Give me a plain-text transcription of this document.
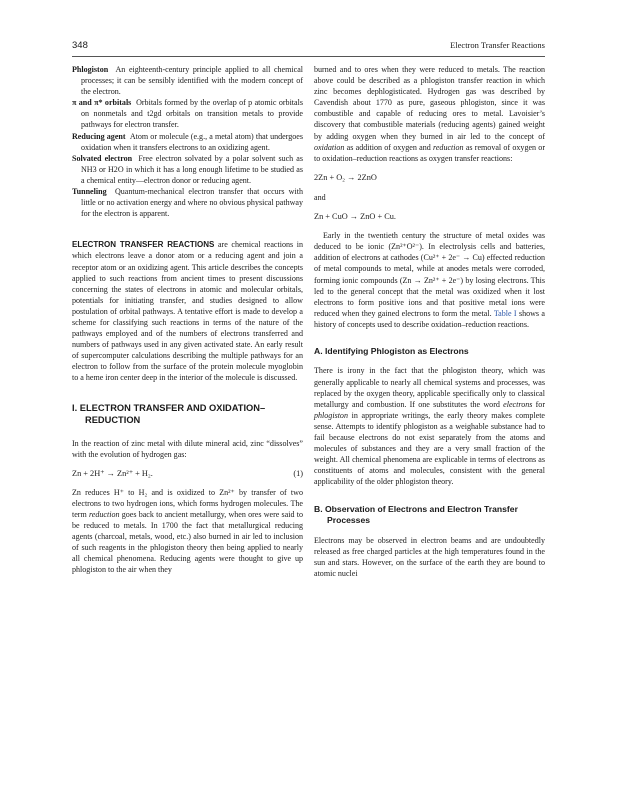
348	Electron Transfer Reactions

Phlogiston An eighteenth-century principle applied to all chemical processes; it can be sensibly identified with the modern concept of the electron.

π and π* orbitals Orbitals formed by the overlap of p atomic orbitals on nonmetals and t2gd orbitals on transition metals to provide pathways for electron transfer.

Reducing agent Atom or molecule (e.g., a metal atom) that undergoes oxidation when it transfers electrons to an oxidizing agent.

Solvated electron Free electron solvated by a polar solvent such as NH3 or H2O in which it has a long enough lifetime to be studied as a chemical entity—electron donor or reducing agent.

Tunneling Quantum-mechanical electron transfer that occurs with little or no activation energy and where no obvious physical pathway for the electron is apparent.

ELECTRON TRANSFER REACTIONS are chemical reactions in which electrons leave a donor atom or a reducing agent and join a receptor atom or an oxidizing agent. This article describes the concepts applied to such reactions from ancient times to present discussions concerning the states of electrons in atomic and molecular orbitals, potentials for initiating transfer, and studies designed to allow postulation of orbital pathways. A tentative effort is made to develop a scheme for classifying such reactions in terms of the nature of the pathways employed and of the numbers of electrons transferred and numbers of pathways used in any given activated state. An early result of supercomputer calculations describing the multiple pathways for an electron to follow from the surface of the protein molecule myoglobin to a heme iron center deep in the interior of the molecule is discussed.

I. ELECTRON TRANSFER AND OXIDATION–REDUCTION

In the reaction of zinc metal with dilute mineral acid, zinc “dissolves” with the evolution of hydrogen gas:

Zn + 2H⁺ → Zn²⁺ + H₂.	(1)

Zn reduces H⁺ to H₂ and is oxidized to Zn²⁺ by transfer of two electrons to two hydrogen ions, which forms hydrogen molecules. The term reduction goes back to ancient metallurgy, when ores were said to be reduced to metals. In 1700 the fact that metallurgical reducing agents (charcoal, metals, wood, etc.) also burned in air led to inclusion of such reagents in the phlogiston theory then being applied to nearly all chemical phenomena. Reducing agents were thought to give up phlogiston to the air when they

burned and to ores when they were reduced to metals. The reaction above could be described as a phlogiston transfer reaction in which zinc becomes dephlogisticated. Hydrogen gas was described by Cavendish about 1770 as pure, gaseous phlogiston, since it was combustible and capable of reducing ores to metal. Lavoisier’s discovery that combustible materials (reducing agents) gained weight by adding oxygen when they burned in air led to the concept of oxidation as addition of oxygen and reduction as removal of oxygen or to oxidation–reduction reactions as oxygen transfer reactions:

2Zn + O₂ → 2ZnO

and

Zn + CuO → ZnO + Cu.

Early in the twentieth century the structure of metal oxides was deduced to be ionic (Zn²⁺O²⁻). In electrolysis cells and batteries, addition of electrons at cathodes (Cu²⁺ + 2e⁻ → Cu) effected reduction of metal compounds to metal, while at anodes metals were corroded, forming ionic compounds (Zn → Zn²⁺ + 2e⁻) by losing electrons. This led to the general concept that the metal was oxidized when it lost electrons to form positive ions and that positive metal ions were reduced when they gained electrons to form the metal. Table I shows a history of concepts used to describe oxidation–reduction reactions.

A. Identifying Phlogiston as Electrons

There is irony in the fact that the phlogiston theory, which was generally applicable to nearly all chemical systems and processes, was replaced by the oxygen theory, applicable specifically only to classical metallurgy and combustion. If one substitutes the word electrons for phlogiston in appropriate writings, the early theory makes complete sense. Attempts to identify phlogiston as a weighable substance had to fail because electrons do not exist separately from the atoms and molecules of substances and they are a very small fraction of the weight. All chemical phenomena are explicable in terms of electrons as constituents of atoms and molecules, consistent with the general applicability of the older phlogiston theory.

B. Observation of Electrons and Electron Transfer Processes

Electrons may be observed in electron beams and are undoubtedly released as free charged particles at the high temperatures found in the sun and stars. However, on the surface of the earth they are bound to atomic nuclei
